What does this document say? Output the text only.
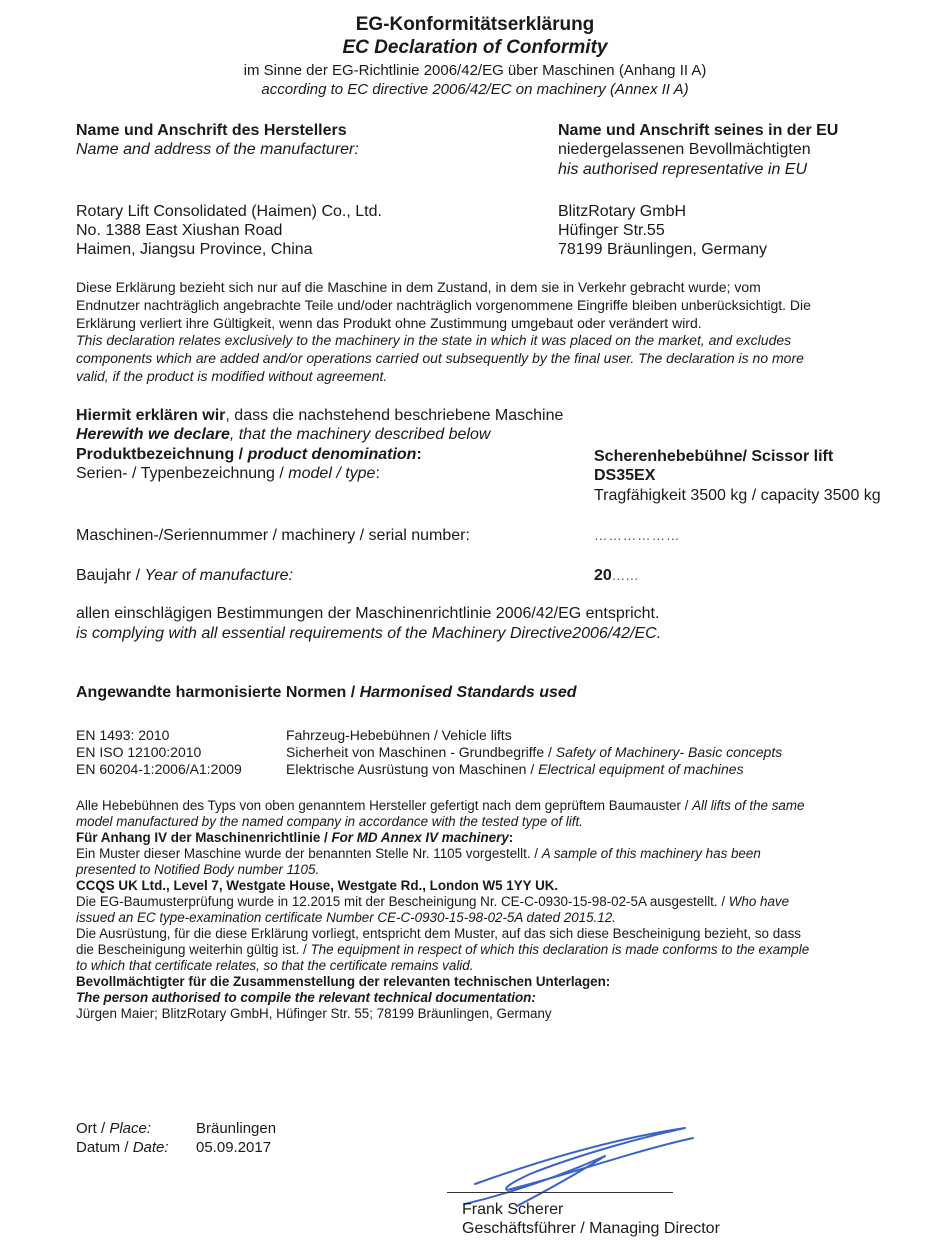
EG-Konformitätserklärung
EC Declaration of Conformity
im Sinne der EG-Richtlinie 2006/42/EG über Maschinen (Anhang II A)
according to EC directive 2006/42/EC on machinery (Annex II A)
Name und Anschrift des Herstellers
Name and address of the manufacturer:
Rotary Lift Consolidated (Haimen) Co., Ltd.
No. 1388 East Xiushan Road
Haimen, Jiangsu Province, China
Name und Anschrift seines in der EU
niedergelassenen Bevollmächtigten
his authorised representative in EU
BlitzRotary GmbH
Hüfinger Str.55
78199 Bräunlingen, Germany
Diese Erklärung bezieht sich nur auf die Maschine in dem Zustand, in dem sie in Verkehr gebracht wurde; vom
Endnutzer nachträglich angebrachte Teile und/oder nachträglich vorgenommene Eingriffe bleiben unberücksichtigt. Die
Erklärung verliert ihre Gültigkeit, wenn das Produkt ohne Zustimmung umgebaut oder verändert wird.
This declaration relates exclusively to the machinery in the state in which it was placed on the market, and excludes
components which are added and/or operations carried out subsequently by the final user. The declaration is no more
valid, if the product is modified without agreement.
Hiermit erklären wir, dass die nachstehend beschriebene Maschine
Herewith we declare, that the machinery described below
Produktbezeichnung / product denomination:	Scherenhebebühne/ Scissor lift
Serien- / Typenbezeichnung / model / type:	DS35EX
Tragfähigkeit 3500 kg / capacity 3500 kg
Maschinen-/Seriennummer / machinery / serial number:	………………
Baujahr / Year of manufacture:	20……
allen einschlägigen Bestimmungen der Maschinenrichtlinie 2006/42/EG entspricht.
is complying with all essential requirements of the Machinery Directive2006/42/EC.
Angewandte harmonisierte Normen / Harmonised Standards used
EN 1493: 2010	Fahrzeug-Hebebühnen / Vehicle lifts
EN ISO 12100:2010	Sicherheit von Maschinen - Grundbegriffe / Safety of Machinery- Basic concepts
EN 60204-1:2006/A1:2009	Elektrische Ausrüstung von Maschinen / Electrical equipment of machines
Alle Hebebühnen des Typs von oben genanntem Hersteller gefertigt nach dem geprüftem Baumauster / All lifts of the same
model manufactured by the named company in accordance with the tested type of lift.
Für Anhang IV der Maschinenrichtlinie / For MD Annex IV machinery:
Ein Muster dieser Maschine wurde der benannten Stelle Nr. 1105 vorgestellt. / A sample of this machinery has been
presented to Notified Body number 1105.
CCQS UK Ltd., Level 7, Westgate House, Westgate Rd., London W5 1YY UK.
Die EG-Baumusterprüfung wurde in 12.2015 mit der Bescheinigung Nr. CE-C-0930-15-98-02-5A ausgestellt. / Who have
issued an EC type-examination certificate Number CE-C-0930-15-98-02-5A dated 2015.12.
Die Ausrüstung, für die diese Erklärung vorliegt, entspricht dem Muster, auf das sich diese Bescheinigung bezieht, so dass
die Bescheinigung weiterhin gültig ist. / The equipment in respect of which this declaration is made conforms to the example
to which that certificate relates, so that the certificate remains valid.
Bevollmächtigter für die Zusammenstellung der relevanten technischen Unterlagen:
The person authorised to compile the relevant technical documentation:
Jürgen Maier; BlitzRotary GmbH, Hüfinger Str. 55; 78199 Bräunlingen, Germany
Ort / Place:	Bräunlingen
Datum / Date: 05.09.2017
Frank Scherer
Geschäftsführer / Managing Director
